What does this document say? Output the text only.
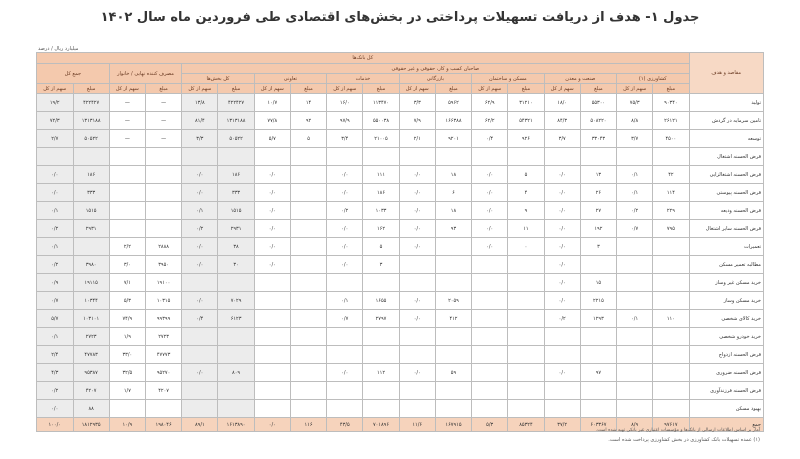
جدول ۱- هدف از دریافت تسهیلات پرداختی در بخش‌های اقتصادی طی فروردین ماه سال ۱۴۰۲
میلیارد ریال / درصد
مقاصد و هدف	کل بانک‌ها																	
	صاحبان کسب و کار، حقوقی و غیر حقوقی														مصرف کننده نهایی / خانوار		جمع کل	
	کشاورزی (۱)		صنعت و معدن		مسکن و ساختمان		بازرگانی		خدمات		تعاونی		کل بخش‌ها					
	مبلغ	سهم از کل	مبلغ	سهم از کل	مبلغ	سهم از کل	مبلغ	سهم از کل	مبلغ	سهم از کل	مبلغ	سهم از کل	مبلغ	سهم از کل	مبلغ	سهم از کل	مبلغ	سهم از کل
تولید	۹۰۳۴۰	۷۵/۳	۵۵۳۰۰	۱۸/۰	۳۱۲۱۰	۶۲/۹	۵۹۶۲	۳/۳	۱۱۳۴۷۰	۱۶/۰	۱۴	۱۰/۷	۴۲۲۴۲۷	۱۳/۸	—	—	۴۲۲۴۲۷	۱۹/۲
تامین سرمایه در گردش	۲۶۱۲۱	۸/۸	۵۰۸۲۲۰	۸۴/۳	۵۴۳۲۱	۶۲/۲	۱۶۶۳۸۸	۷/۹	۵۵۰۰۳۸	۹۷/۹	۹۲	۷۷/۸	۱۳۱۳۱۸۸	۸۱/۴	—	—	۱۳۱۳۱۸۸	۷۲/۳
توسعه	۴۵۰۰	۳/۷	۳۳۰۴۳	۳/۷	۹۲۶	۰/۴	۹۲۰۱	۲/۱	۲۱۰۰۵	۳/۴	۵	۵/۷	۵۰۵۲۲	۳/۳	—	—	۵۰۵۲۲	۲/۷
قرض الحسنه اشتغال																		
قرض الحسنه اشتغالزایی	۴۲	۰/۱	۱۳	۰/۰	۵	۰/۰	۱۸	۰/۰	۱۱۱	۰/۰		۰/۰	۱۸۶	۰/۰			۱۸۶	۰/۰
قرض الحسنه پیوستی	۱۱۴	۰/۱	۲۶	۰/۰	۴	۰/۰	۶	۰/۰	۱۸۶	۰/۰		۰/۰	۳۳۳	۰/۰			۳۳۳	۰/۰
قرض الحسنه ودیعه	۲۲۹	۰/۲	۲۷	۰/۰	۹	۰/۰	۱۸	۰/۰	۱۰۳۳	۰/۲		۰/۰	۱۵۱۵	۰/۱			۱۵۱۵	۰/۱
قرض الحسنه سایر اشتغال	۷۹۵	۰/۷	۱۹۲	۰/۰	۱۱	۰/۰	۹۳	۰/۰	۱۶۲	۰/۰		۰/۰	۲۹۳۱	۰/۲			۲۹۳۱	۰/۲
تعمیرات			۳	۰/۰	۰	۰/۰		۰/۰	۵	۰/۰		۰/۰	۳۸	۰/۰	۲۸۸۸	۲/۲		۰/۱
مطالبه تعمیر مسکن				۰/۰					۳	۰/۰		۰/۰	۳۰	۰/۰	۳۹۵۰	۳/۰	۳۹۸۰	۰/۲
خرید مسکن غیر وساز			۱۵	۰/۰											۱۹۱۰۰	۷/۱	۱۹۱۱۵	۰/۹
خرید مسکن وساز			۲۲۱۵	۰/۰			۲۰۵۹	۰/۰	۱۶۵۵	۰/۱			۷۰۲۹	۰/۰	۱۰۳۱۵	۵/۳	۱۰۳۴۴	۰/۷
خرید کالای شخصی	۱۱۰	۰/۱	۱۲۹۳	۰/۲			۴۱۲	۰/۰	۲۷۹۷	۰/۷			۶۱۲۳	۰/۴	۹۹۳۹۹	۷۴/۹	۱۰۳۱۰۱	۵/۷
خرید خودرو شخصی															۲۷۲۳	۱/۹	۲۷۲۳	۰/۱
قرض الحسنه ازدواج															۴۷۷۷۳	۳۳/۰	۴۷۷۸۳	۲/۴
قرض الحسنه ضروری			۹۷	۰/۰			۵۹	۰/۰	۱۱۲	۰/۰			۸۰۹	۰/۰	۹۵۲۷۰	۳۲/۵	۹۵۳۸۷	۴/۳
قرض الحسنه فرزندآوری															۴۲۰۷	۱/۷	۴۲۰۷	۰/۲
بهبود مسکن																	۸۸	۰/۰
جمع	۹۷۶۱۷	۸/۹	۶۰۳۳۶۷	۳۷/۲	۸۵۳۲۴	۵/۳	۱۶۷۹۱۵	۱۱/۶	۷۰۱۸۹۶	۴۳/۵	۱۱۶	۰/۰	۱۶۱۳۸۹۰	۸۹/۱	۱۹۸۰۴۶	۱۰/۹	۱۸۱۲۹۳۵	۱۰۰/۰
آمار بر اساس اطلاعات ارسالی از بانک‌ها و مؤسسات اعتباری غیر بانکی تهیه شده است.
(۱) عمده تسهیلات بانک کشاورزی در بخش کشاورزی پرداخت شده است.
